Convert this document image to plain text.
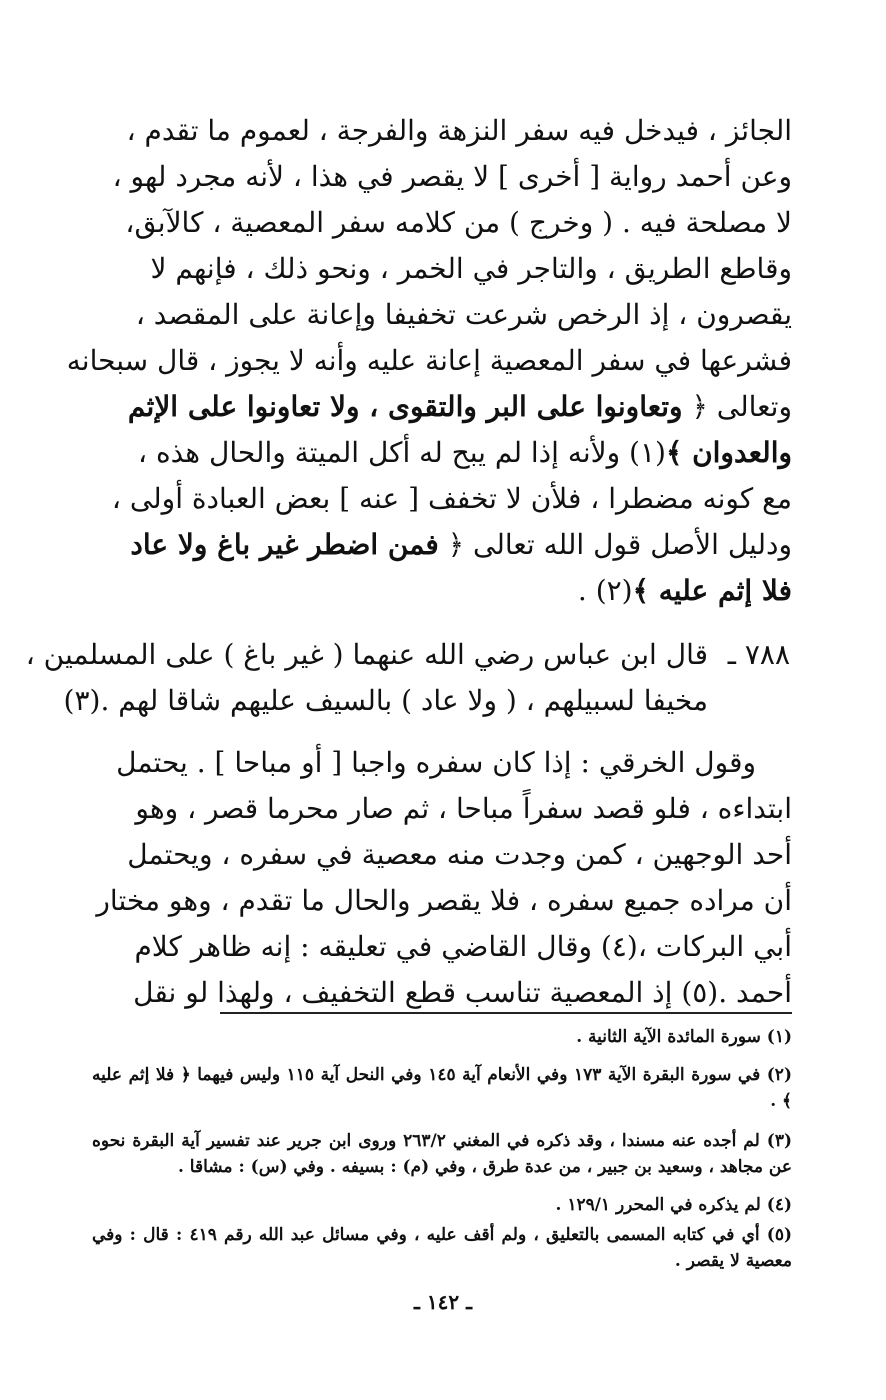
الجائز ، فيدخل فيه سفر النزهة والفرجة ، لعموم ما تقدم ،
وعن أحمد رواية [ أخرى ] لا يقصر في هذا ، لأنه مجرد لهو ،
لا مصلحة فيه . ( وخرج ) من كلامه سفر المعصية ، كالآبق،
وقاطع الطريق ، والتاجر في الخمر ، ونحو ذلك ، فإنهم لا
يقصرون ، إذ الرخص شرعت تخفيفا وإعانة على المقصد ،
فشرعها في سفر المعصية إعانة عليه وأنه لا يجوز ، قال سبحانه
وتعالى ﴿ وتعاونوا على البر والتقوى ، ولا تعاونوا على الإثم
والعدوان ﴾(١) ولأنه إذا لم يبح له أكل الميتة والحال هذه ،
مع كونه مضطرا ، فلأن لا تخفف [ عنه ] بعض العبادة أولى ،
ودليل الأصل قول الله تعالى ﴿ فمن اضطر غير باغ ولا عاد
فلا إثم عليه ﴾(٢) .
٧٨٨ ـ
قال ابن عباس رضي الله عنهما ( غير باغ ) على المسلمين ،
مخيفا لسبيلهم ، ( ولا عاد ) بالسيف عليهم شاقا لهم .(٣)
وقول الخرقي : إذا كان سفره واجبا [ أو مباحا ] . يحتمل
ابتداءه ، فلو قصد سفراً مباحا ، ثم صار محرما قصر ، وهو
أحد الوجهين ، كمن وجدت منه معصية في سفره ، ويحتمل
أن مراده جميع سفره ، فلا يقصر والحال ما تقدم ، وهو مختار
أبي البركات ،(٤) وقال القاضي في تعليقه : إنه ظاهر كلام
أحمد .(٥) إذ المعصية تناسب قطع التخفيف ، ولهذا لو نقل
(١) سورة المائدة الآية الثانية .
(٢) في سورة البقرة الآية ١٧٣ وفي الأنعام آية ١٤٥ وفي النحل آية ١١٥ وليس فيهما ﴿ فلا إثم عليه ﴾ .
(٣) لم أجده عنه مسندا ، وقد ذكره في المغني ٢٦٣/٢ وروى ابن جرير عند تفسير آية البقرة نحوه عن مجاهد ، وسعيد بن جبير ، من عدة طرق ، وفي (م) : بسيفه . وفي (س) : مشاقا .
(٤) لم يذكره في المحرر ١٢٩/١ .
(٥) أي في كتابه المسمى بالتعليق ، ولم أقف عليه ، وفي مسائل عبد الله رقم ٤١٩ : قال : وفي معصية لا يقصر .
ـ ١٤٢ ـ
